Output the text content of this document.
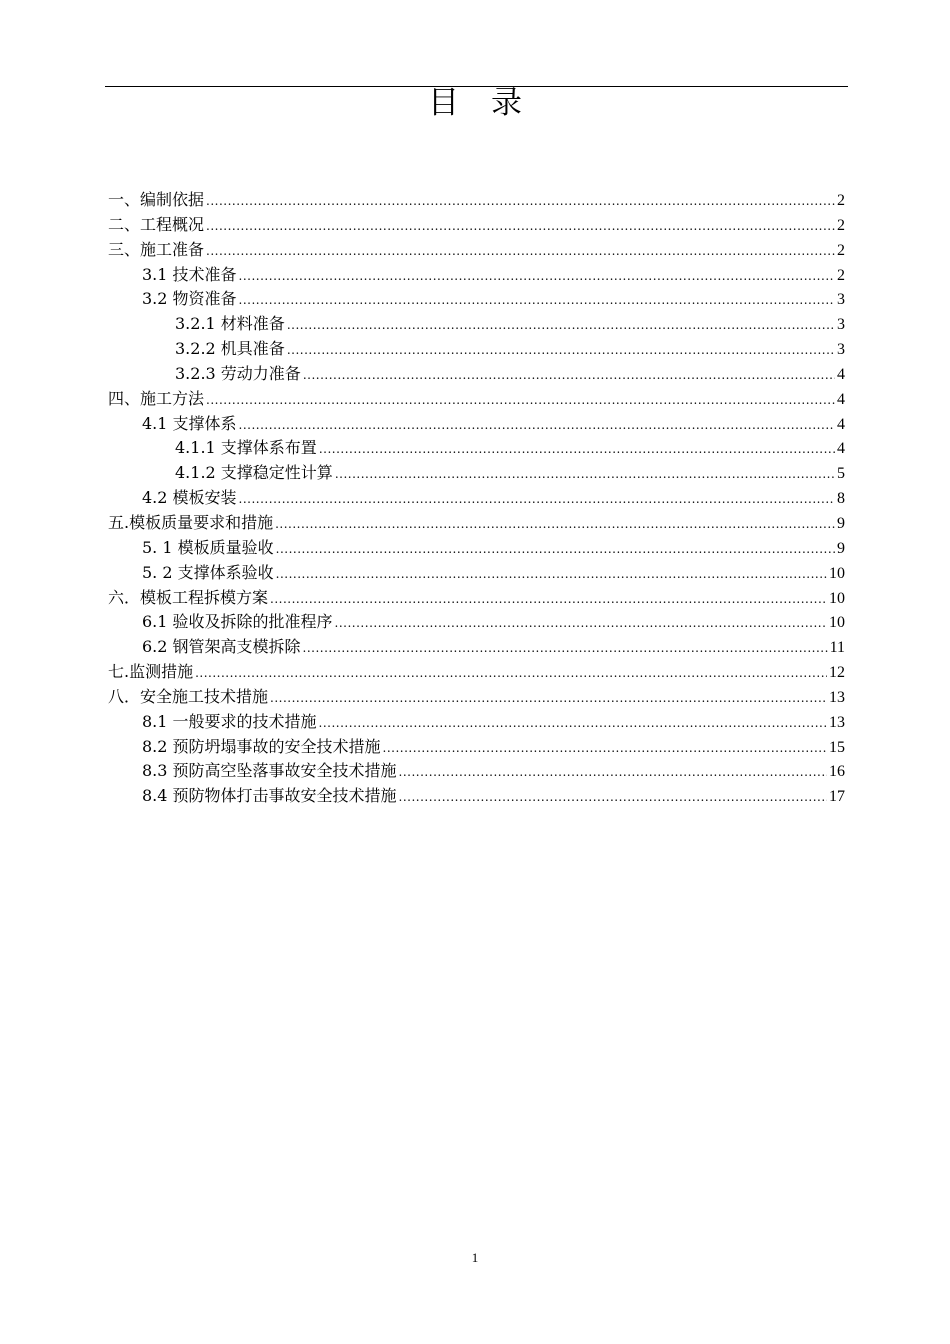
目录
一、编制依据 .....	2
二、工程概况 .....	2
三、施工准备 .....	2
3.1 技术准备 .....	2
3.2 物资准备 .....	3
3.2.1 材料准备 .....	3
3.2.2 机具准备 .....	3
3.2.3 劳动力准备 .....	4
四、施工方法 .....	4
4.1 支撑体系 .....	4
4.1.1 支撑体系布置 .....	4
4.1.2 支撑稳定性计算 .....	5
4.2 模板安装 .....	8
五.模板质量要求和措施 .....	9
5. 1 模板质量验收 .....	9
5. 2 支撑体系验收 .....	10
六．模板工程拆模方案 .....	10
6.1 验收及拆除的批准程序 .....	10
6.2 钢管架高支模拆除 .....	11
七.监测措施 .....	12
八．安全施工技术措施 .....	13
8.1 一般要求的技术措施 .....	13
8.2 预防坍塌事故的安全技术措施 .....	15
8.3 预防高空坠落事故安全技术措施 .....	16
8.4 预防物体打击事故安全技术措施 .....	17
1
